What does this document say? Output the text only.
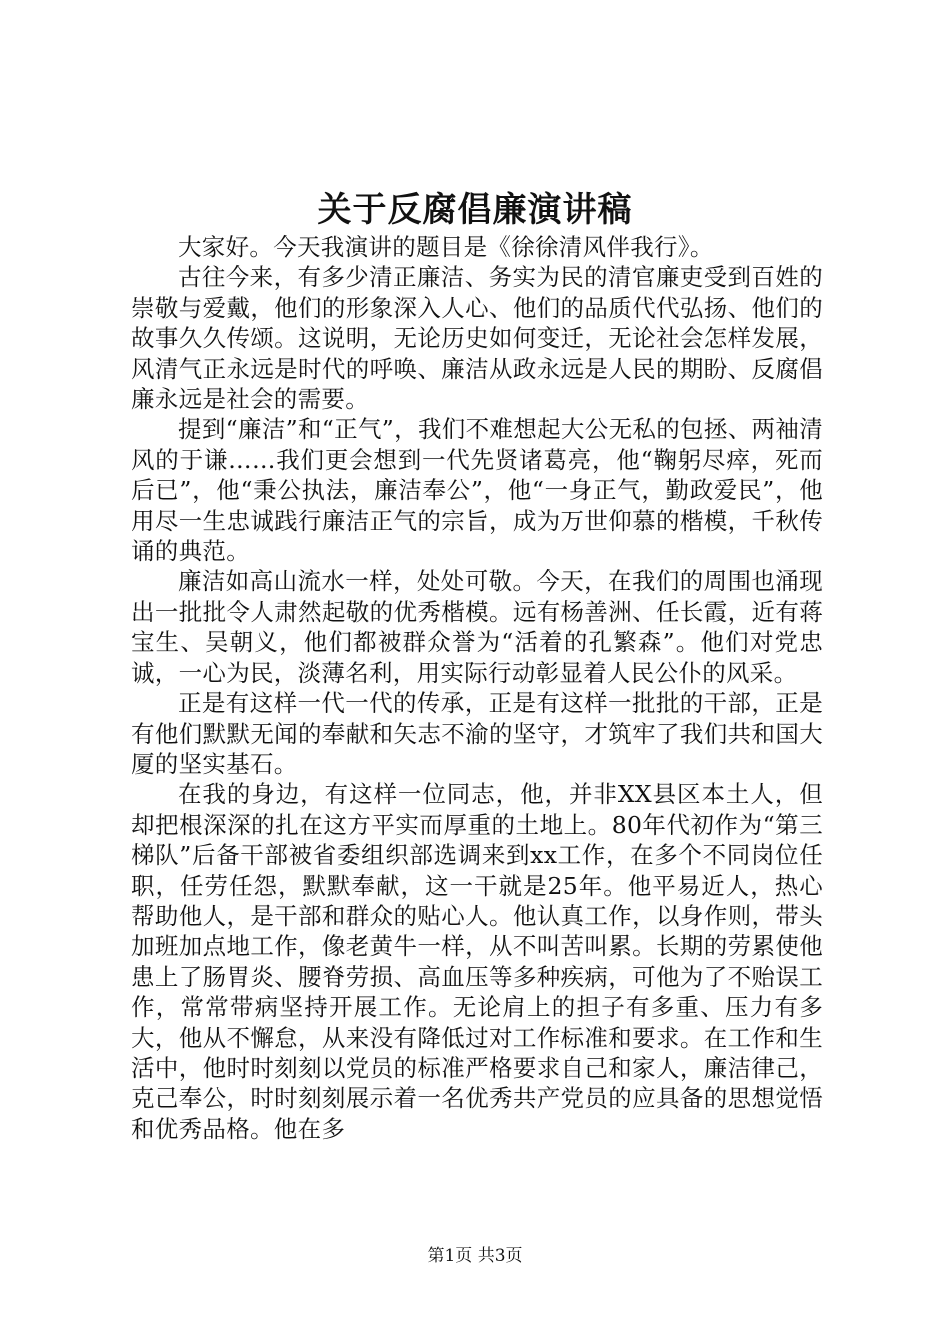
关于反腐倡廉演讲稿

大家好。今天我演讲的题目是《徐徐清风伴我行》。

古往今来，有多少清正廉洁、务实为民的清官廉吏受到百姓的崇敬与爱戴，他们的形象深入人心、他们的品质代代弘扬、他们的故事久久传颂。这说明，无论历史如何变迁，无论社会怎样发展，风清气正永远是时代的呼唤、廉洁从政永远是人民的期盼、反腐倡廉永远是社会的需要。

提到“廉洁”和“正气”，我们不难想起大公无私的包拯、两袖清风的于谦……我们更会想到一代先贤诸葛亮，他“鞠躬尽瘁，死而后已”，他“秉公执法，廉洁奉公”，他“一身正气，勤政爱民”，他用尽一生忠诚践行廉洁正气的宗旨，成为万世仰慕的楷模，千秋传诵的典范。

廉洁如高山流水一样，处处可敬。今天，在我们的周围也涌现出一批批令人肃然起敬的优秀楷模。远有杨善洲、任长霞，近有蒋宝生、吴朝义，他们都被群众誉为“活着的孔繁森”。他们对党忠诚，一心为民，淡薄名利，用实际行动彰显着人民公仆的风采。

正是有这样一代一代的传承，正是有这样一批批的干部，正是有他们默默无闻的奉献和矢志不渝的坚守，才筑牢了我们共和国大厦的坚实基石。

在我的身边，有这样一位同志，他，并非XX县区本土人，但却把根深深的扎在这方平实而厚重的土地上。80年代初作为“第三梯队”后备干部被省委组织部选调来到xx工作，在多个不同岗位任职，任劳任怨，默默奉献，这一干就是25年。他平易近人，热心帮助他人，是干部和群众的贴心人。他认真工作，以身作则，带头加班加点地工作，像老黄牛一样，从不叫苦叫累。长期的劳累使他患上了肠胃炎、腰脊劳损、高血压等多种疾病，可他为了不贻误工作，常常带病坚持开展工作。无论肩上的担子有多重、压力有多大，他从不懈怠，从来没有降低过对工作标准和要求。在工作和生活中，他时时刻刻以党员的标准严格要求自己和家人，廉洁律己，克己奉公，时时刻刻展示着一名优秀共产党员的应具备的思想觉悟和优秀品格。他在多

第1页 共3页
